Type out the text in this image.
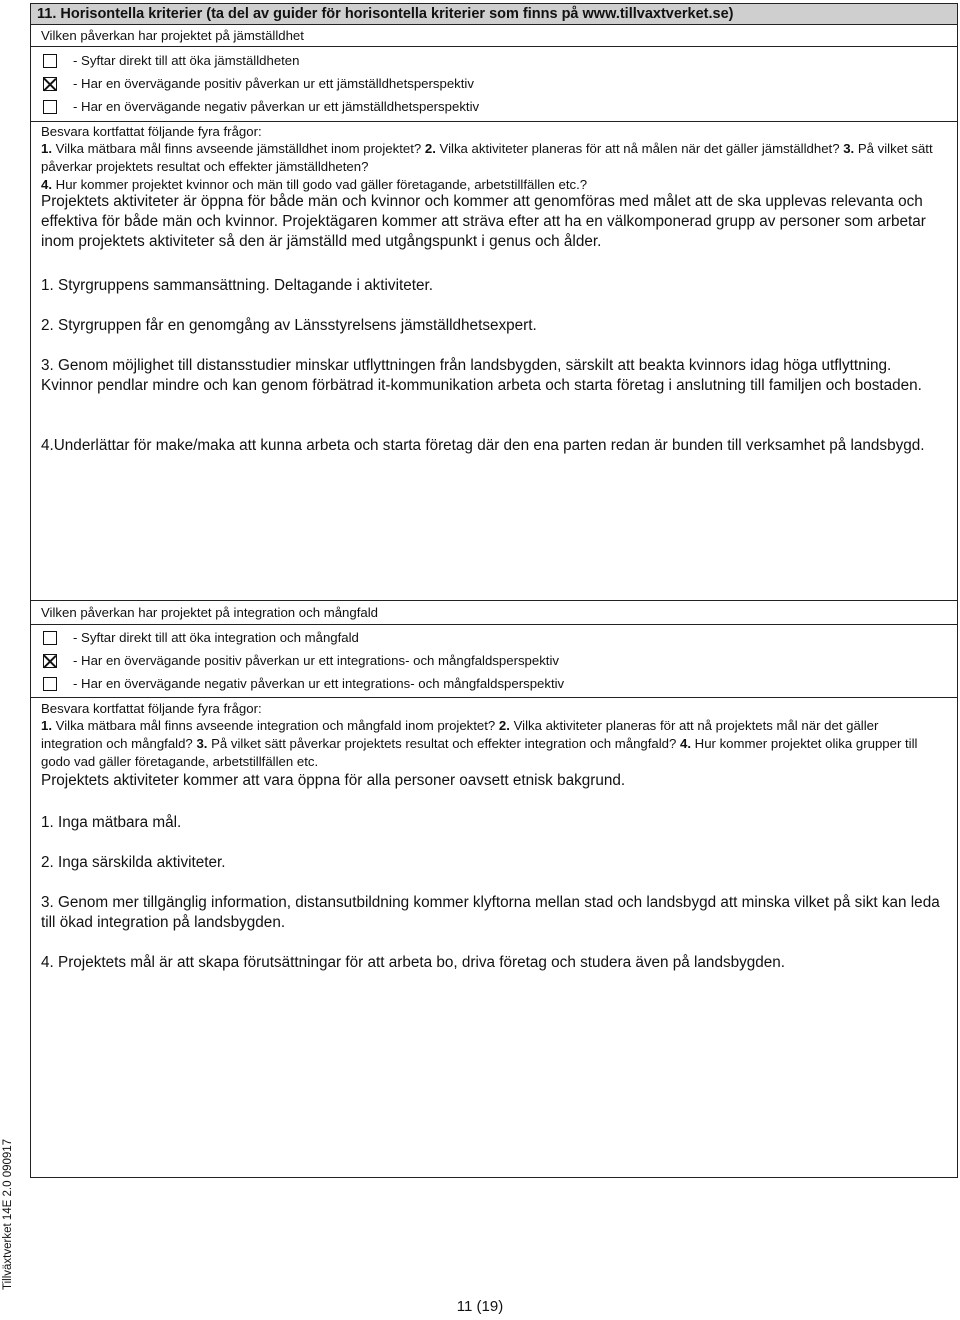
11. Horisontella kriterier (ta del av guider för horisontella kriterier som finns på www.tillvaxtverket.se)
Vilken påverkan har projektet på jämställdhet
- Syftar direkt till att öka jämställdheten
- Har en övervägande positiv påverkan ur ett jämställdhetsperspektiv
- Har en övervägande negativ påverkan ur ett jämställdhetsperspektiv
Besvara kortfattat följande fyra frågor:
1. Vilka mätbara mål finns avseende jämställdhet inom projektet? 2. Vilka aktiviteter planeras för att nå målen när det gäller jämställdhet? 3. På vilket sätt påverkar projektets resultat och effekter jämställdheten?
4. Hur kommer projektet kvinnor och män till godo vad gäller företagande, arbetstillfällen etc.?
Projektets aktiviteter är öppna för både män och kvinnor och kommer att genomföras med målet att de ska upplevas relevanta och effektiva för både män och kvinnor. Projektägaren kommer att sträva efter att ha en välkomponerad grupp av personer som arbetar inom projektets aktiviteter så den är jämställd med utgångspunkt i genus och ålder.
1. Styrgruppens sammansättning. Deltagande i aktiviteter.
2. Styrgruppen får en genomgång av Länsstyrelsens jämställdhetsexpert.
3. Genom möjlighet till distansstudier minskar utflyttningen från landsbygden, särskilt att beakta kvinnors idag höga utflyttning. Kvinnor pendlar mindre och kan genom förbätrad it-kommunikation arbeta och starta företag i anslutning till familjen och bostaden.
4.Underlättar för make/maka att kunna arbeta och starta företag där den ena parten redan är bunden till verksamhet på landsbygd.
Vilken påverkan har projektet på integration och mångfald
- Syftar direkt till att öka integration och mångfald
- Har en övervägande positiv påverkan ur ett integrations- och mångfaldsperspektiv
- Har en övervägande negativ påverkan ur ett integrations- och mångfaldsperspektiv
Besvara kortfattat följande fyra frågor:
1. Vilka mätbara mål finns avseende integration och mångfald inom projektet? 2. Vilka aktiviteter planeras för att nå projektets mål när det gäller integration och mångfald? 3. På vilket sätt påverkar projektets resultat och effekter integration och mångfald? 4. Hur kommer projektet olika grupper till godo vad gäller företagande, arbetstillfällen etc.
Projektets aktiviteter kommer att vara öppna för alla personer oavsett etnisk bakgrund.
1. Inga mätbara mål.
2. Inga särskilda aktiviteter.
3. Genom mer tillgänglig information, distansutbildning kommer klyftorna mellan stad och landsbygd att minska vilket på sikt kan leda till ökad integration på landsbygden.
4. Projektets mål är att skapa förutsättningar för att arbeta bo, driva företag och studera även på landsbygden.
Tillväxtverket 14E 2.0 090917
11 (19)
